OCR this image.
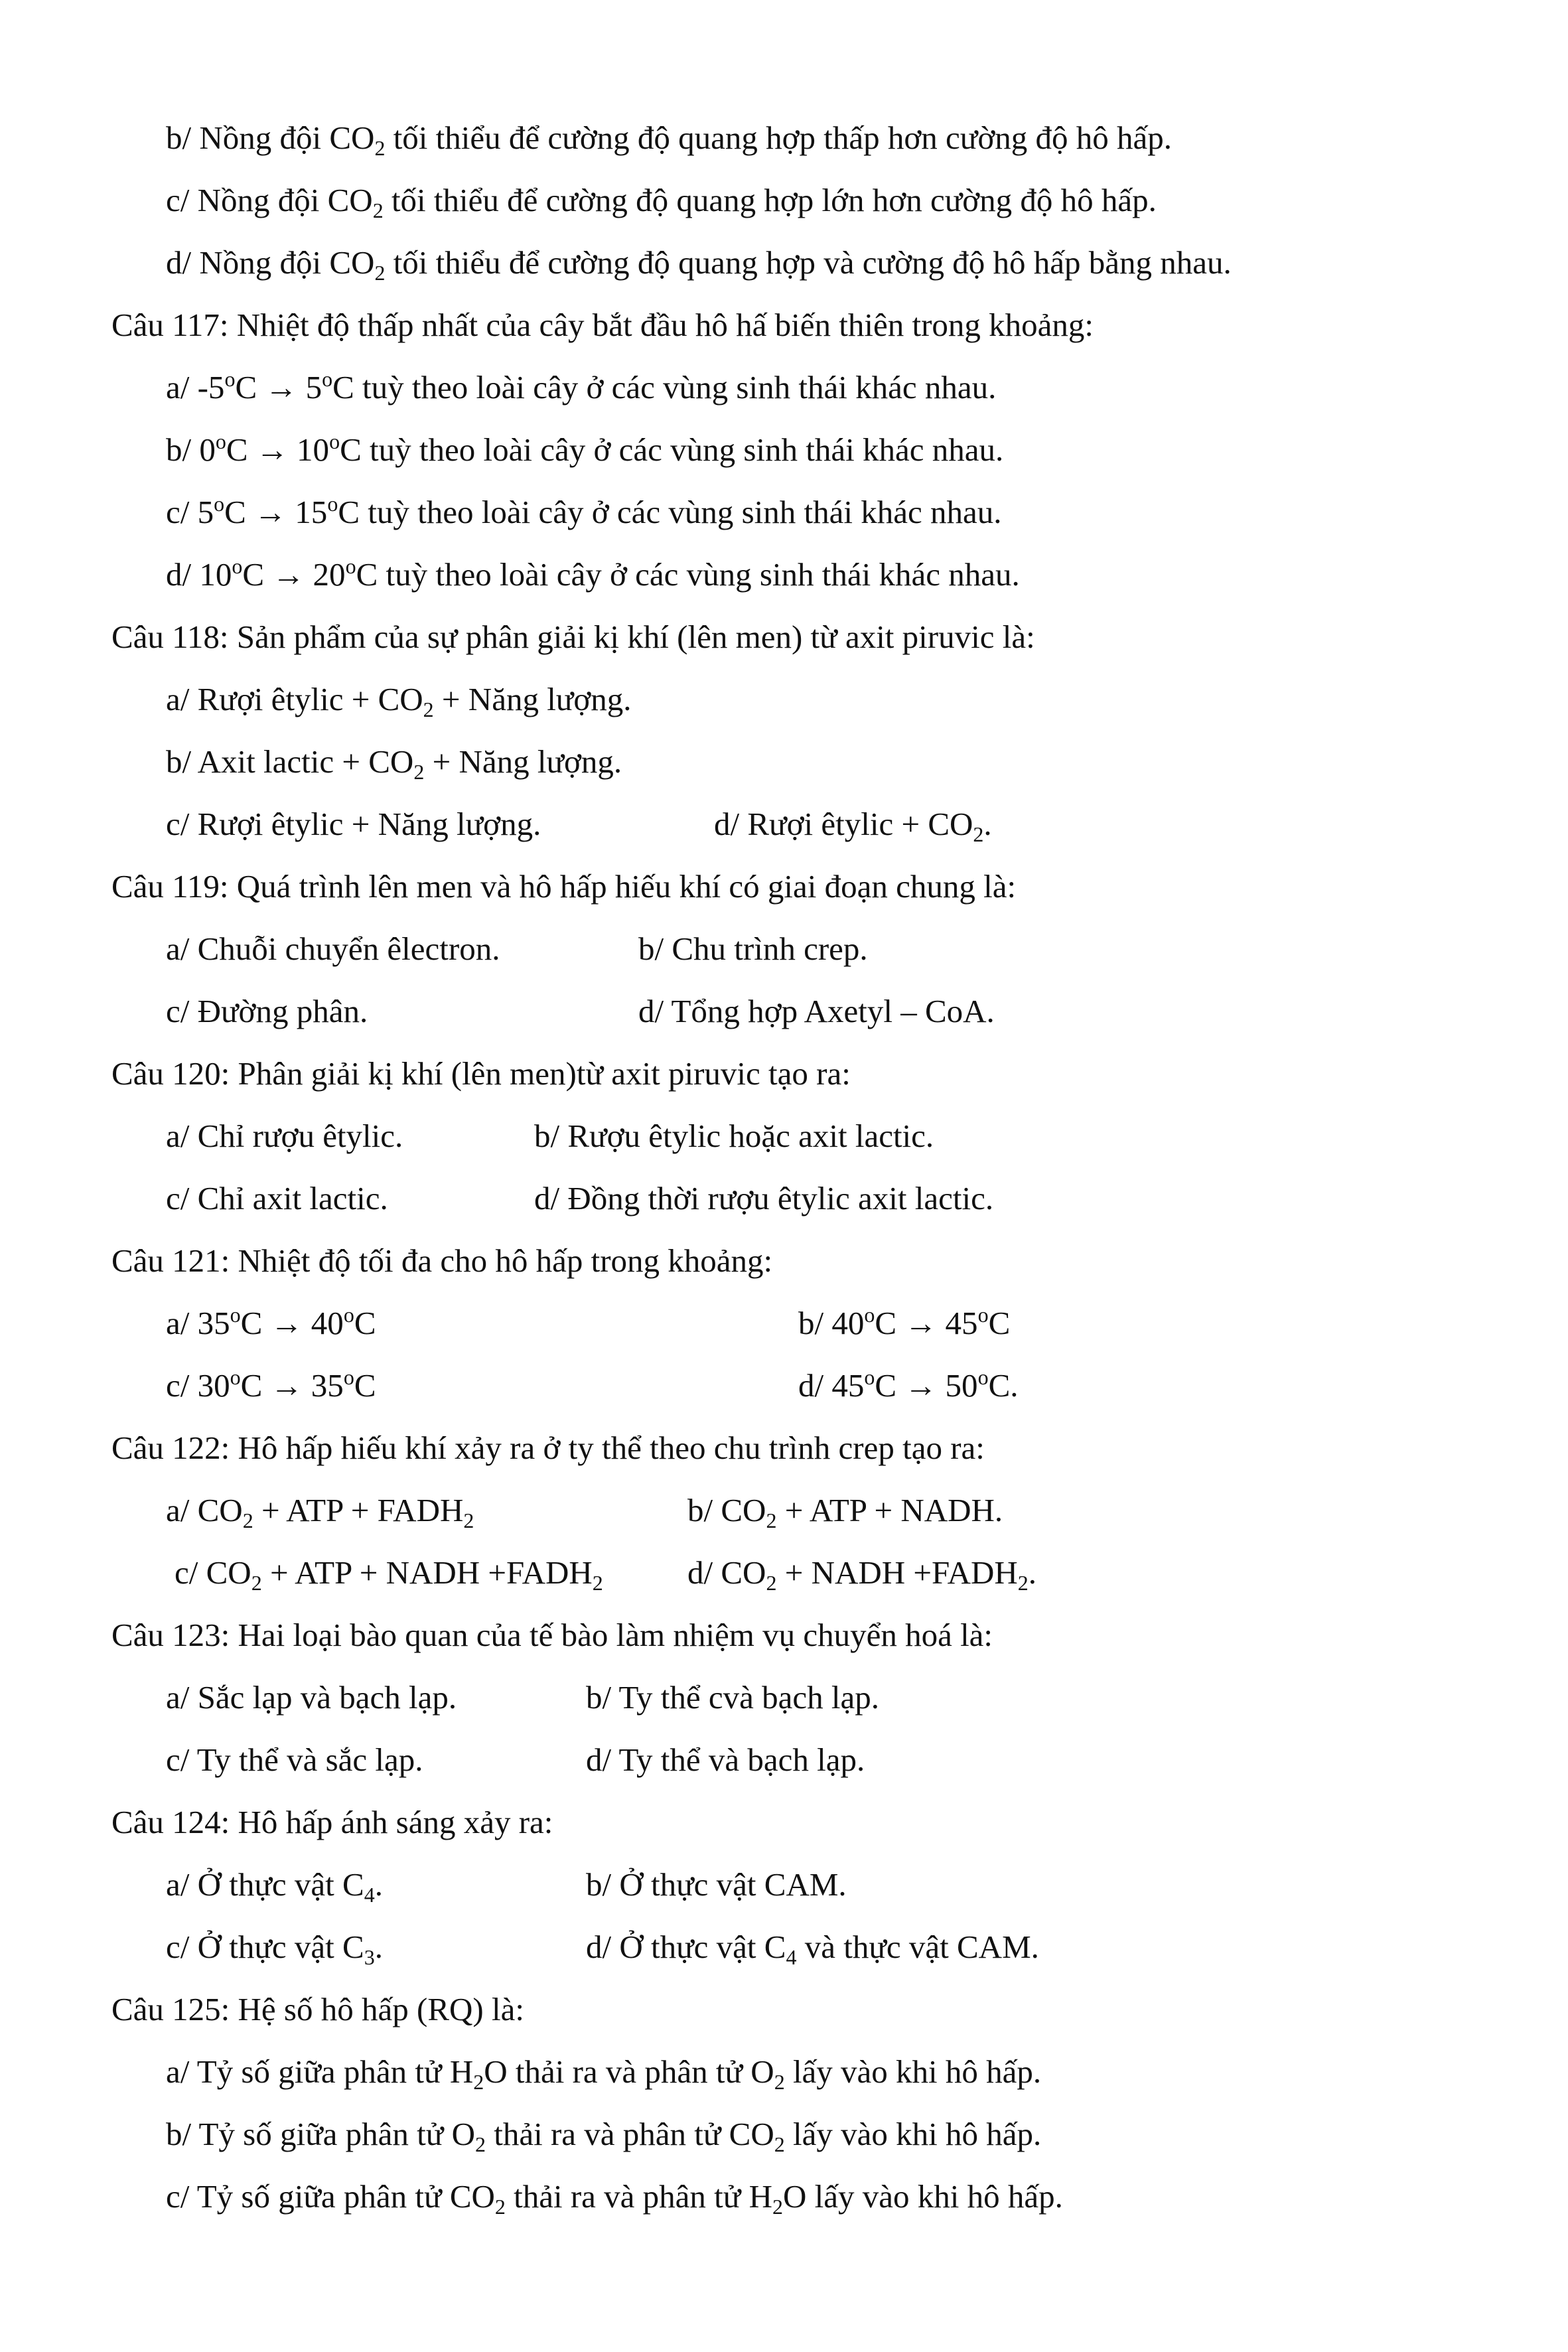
b/ Nồng đội $CO_2$ tối thiểu để cường độ quang hợp thấp hơn cường độ hô hấp.
c/ Nồng đội $CO_2$ tối thiểu để cường độ quang hợp lớn hơn cường độ hô hấp.
d/ Nồng đội $CO_2$ tối thiểu để cường độ quang hợp và cường độ hô hấp bằng nhau.
Câu 117: Nhiệt độ thấp nhất của cây bắt đầu hô hấ biến thiên trong khoảng:
a/ $-5^oC \to 5^oC$ tuỳ theo loài cây ở các vùng sinh thái khác nhau.
b/ $0^oC \to 10^oC$ tuỳ theo loài cây ở các vùng sinh thái khác nhau.
c/ $5^oC \to 15^oC$ tuỳ theo loài cây ở các vùng sinh thái khác nhau.
d/ $10^oC \to 20^oC$ tuỳ theo loài cây ở các vùng sinh thái khác nhau.
Câu 118: Sản phẩm của sự phân giải kị khí (lên men) từ axit piruvic là:
a/ Rượi êtylic + $CO_2$ + Năng lượng.
b/ Axit lactic + $CO_2$ + Năng lượng.
c/ Rượi êtylic + Năng lượng.	d/ Rượi êtylic + $CO_2$.
Câu 119: Quá trình lên men và hô hấp hiếu khí có giai đoạn chung là:
a/ Chuỗi chuyển êlectron.	b/ Chu trình crep.
c/ Đường phân.	d/ Tổng hợp Axetyl – CoA.
Câu 120: Phân giải kị khí (lên men)từ axit piruvic tạo ra:
a/ Chỉ rượu êtylic.	b/ Rượu êtylic hoặc axit lactic.
c/ Chỉ axit lactic.	d/ Đồng thời rượu êtylic axit lactic.
Câu 121: Nhiệt độ tối đa cho hô hấp trong khoảng:
a/ $35^oC \to 40^oC$	b/ $40^oC \to 45^oC$
c/ $30^oC \to 35^oC$	d/ $45^oC \to 50^oC$.
Câu 122: Hô hấp hiếu khí xảy ra ở ty thể theo chu trình crep tạo ra:
a/ $CO_2$ + ATP + $FADH_2$	b/ $CO_2$ + ATP + NADH.
c/ $CO_2$ + ATP + NADH $+FADH_2$	d/ $CO_2$ + NADH $+FADH_2$.
Câu 123: Hai loại bào quan của tế bào làm nhiệm vụ chuyển hoá là:
a/ Sắc lạp và bạch lạp.	b/ Ty thể cvà bạch lạp.
c/ Ty thể và sắc lạp.	d/ Ty thể và bạch lạp.
Câu 124: Hô hấp ánh sáng xảy ra:
a/ Ở thực vật $C_4$.	b/ Ở thực vật CAM.
c/ Ở thực vật $C_3$.	d/ Ở thực vật $C_4$ và thực vật CAM.
Câu 125: Hệ số hô hấp (RQ) là:
a/ Tỷ số giữa phân tử $H_2O$ thải ra và phân tử $O_2$ lấy vào khi hô hấp.
b/ Tỷ số giữa phân tử $O_2$ thải ra và phân tử $CO_2$ lấy vào khi hô hấp.
c/ Tỷ số giữa phân tử $CO_2$ thải ra và phân tử $H_2O$ lấy vào khi hô hấp.
